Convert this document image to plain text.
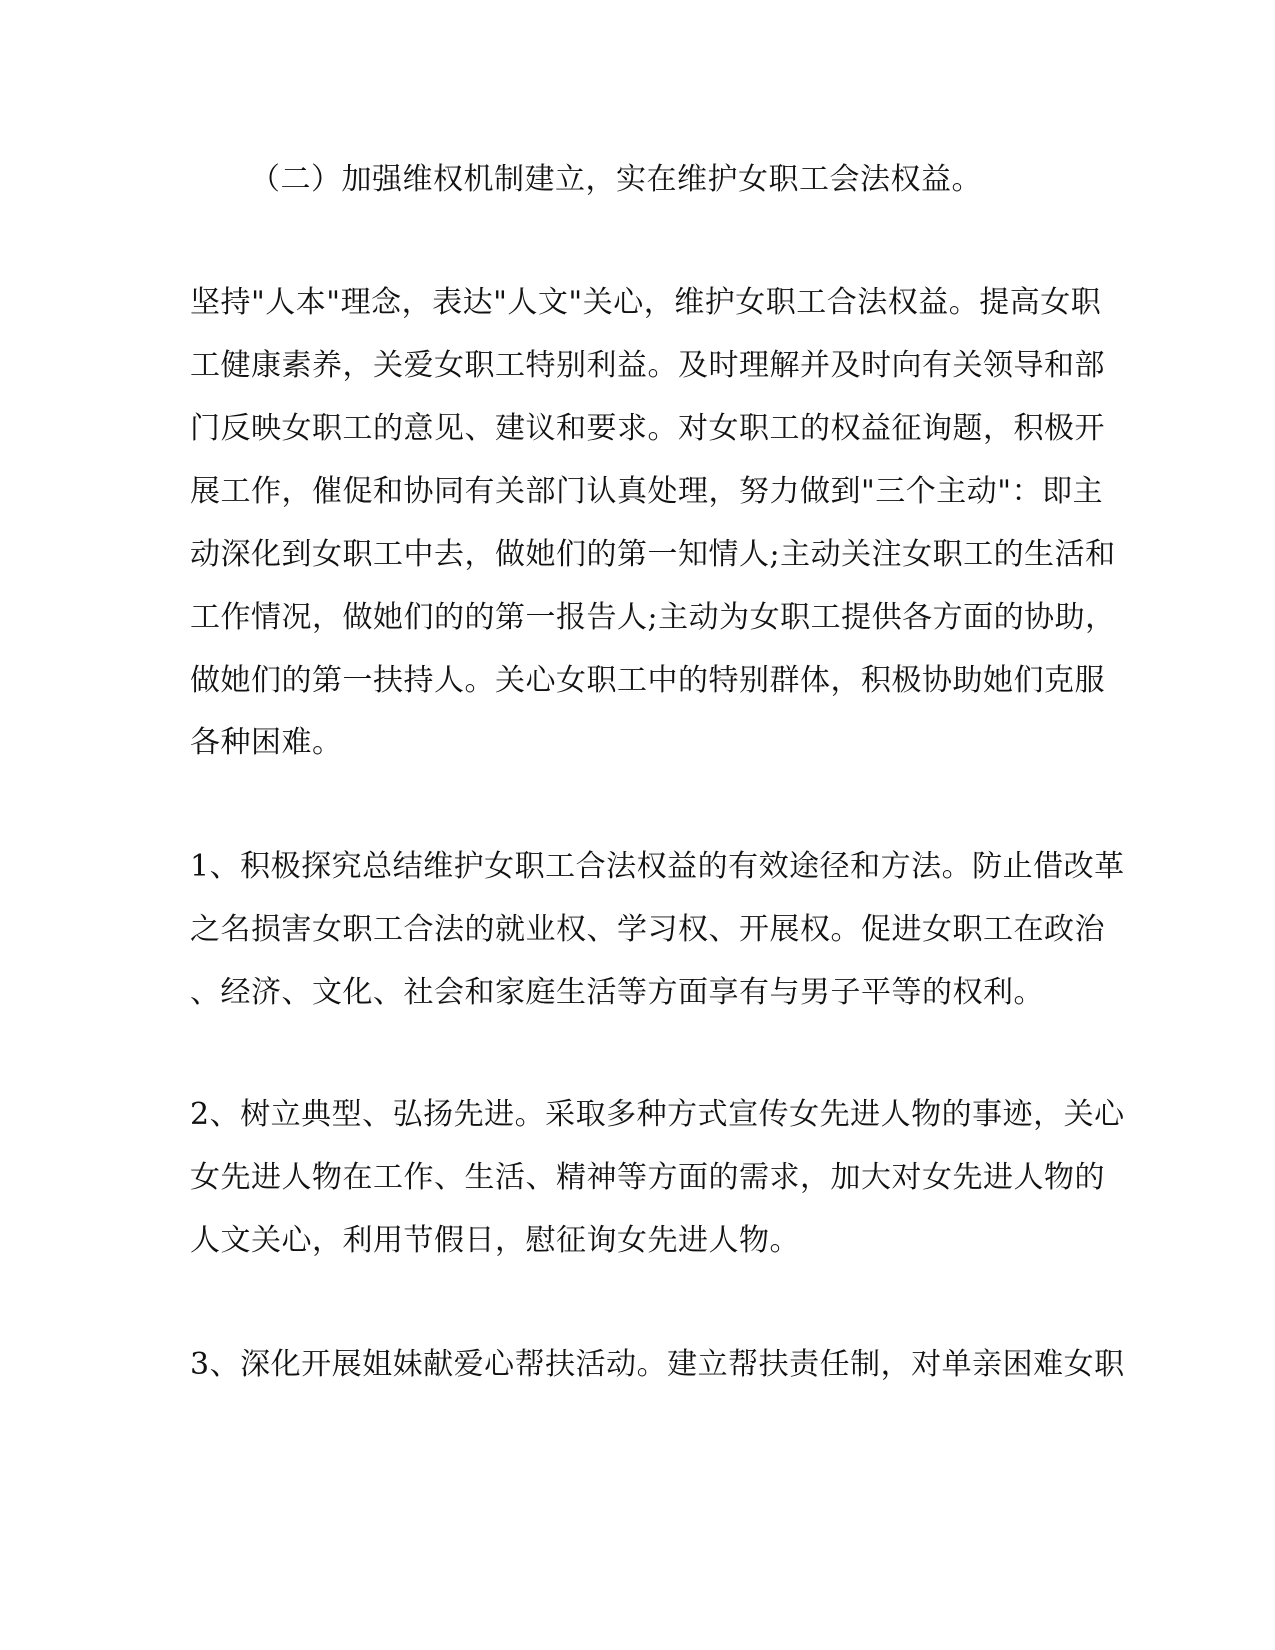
（二）加强维权机制建立，实在维护女职工会法权益。
坚持"人本"理念，表达"人文"关心，维护女职工合法权益。提高女职
工健康素养，关爱女职工特别利益。及时理解并及时向有关领导和部
门反映女职工的意见、建议和要求。对女职工的权益征询题，积极开
展工作，催促和协同有关部门认真处理，努力做到"三个主动"：即主
动深化到女职工中去，做她们的第一知情人;主动关注女职工的生活和
工作情况，做她们的的第一报告人;主动为女职工提供各方面的协助，
做她们的第一扶持人。关心女职工中的特别群体，积极协助她们克服
各种困难。
1、积极探究总结维护女职工合法权益的有效途径和方法。防止借改革
之名损害女职工合法的就业权、学习权、开展权。促进女职工在政治
、经济、文化、社会和家庭生活等方面享有与男子平等的权利。
2、树立典型、弘扬先进。采取多种方式宣传女先进人物的事迹，关心
女先进人物在工作、生活、精神等方面的需求，加大对女先进人物的
人文关心，利用节假日，慰征询女先进人物。
3、深化开展姐妹献爱心帮扶活动。建立帮扶责任制，对单亲困难女职
